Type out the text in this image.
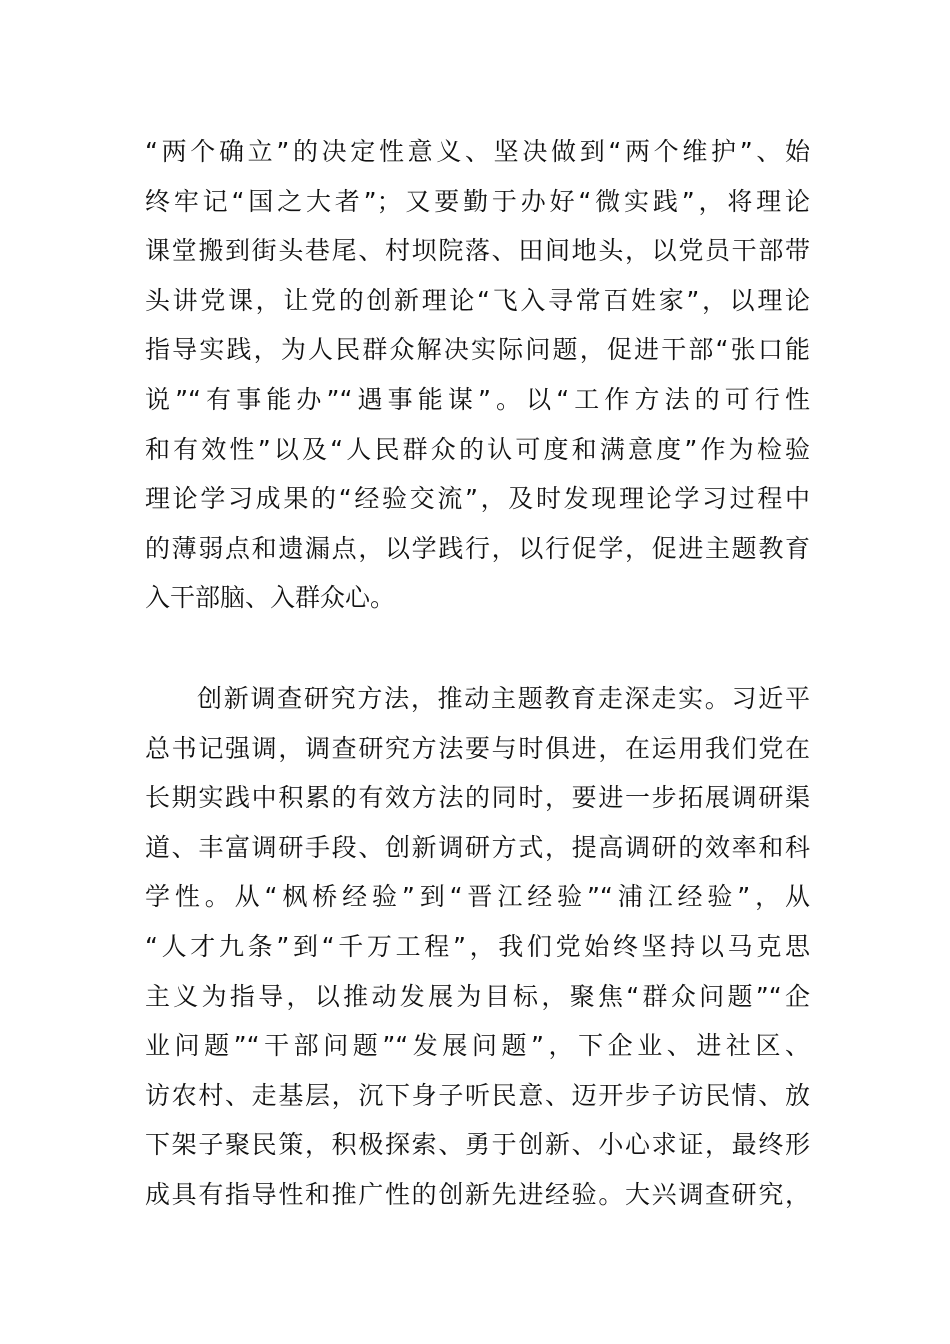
“两个确立”的决定性意义、坚决做到“两个维护”、始
终牢记“国之大者”；又要勤于办好“微实践”，将理论
课堂搬到街头巷尾、村坝院落、田间地头，以党员干部带
头讲党课，让党的创新理论“飞入寻常百姓家”，以理论
指导实践，为人民群众解决实际问题，促进干部“张口能
说”“有事能办”“遇事能谋”。以“工作方法的可行性
和有效性”以及“人民群众的认可度和满意度”作为检验
理论学习成果的“经验交流”，及时发现理论学习过程中
的薄弱点和遗漏点，以学践行，以行促学，促进主题教育
入干部脑、入群众心。
创新调查研究方法，推动主题教育走深走实。习近平
总书记强调，调查研究方法要与时俱进，在运用我们党在
长期实践中积累的有效方法的同时，要进一步拓展调研渠
道、丰富调研手段、创新调研方式，提高调研的效率和科
学性。从“枫桥经验”到“晋江经验”“浦江经验”，从
“人才九条”到“千万工程”，我们党始终坚持以马克思
主义为指导，以推动发展为目标，聚焦“群众问题”“企
业问题”“干部问题”“发展问题”，下企业、进社区、
访农村、走基层，沉下身子听民意、迈开步子访民情、放
下架子聚民策，积极探索、勇于创新、小心求证，最终形
成具有指导性和推广性的创新先进经验。大兴调查研究，
